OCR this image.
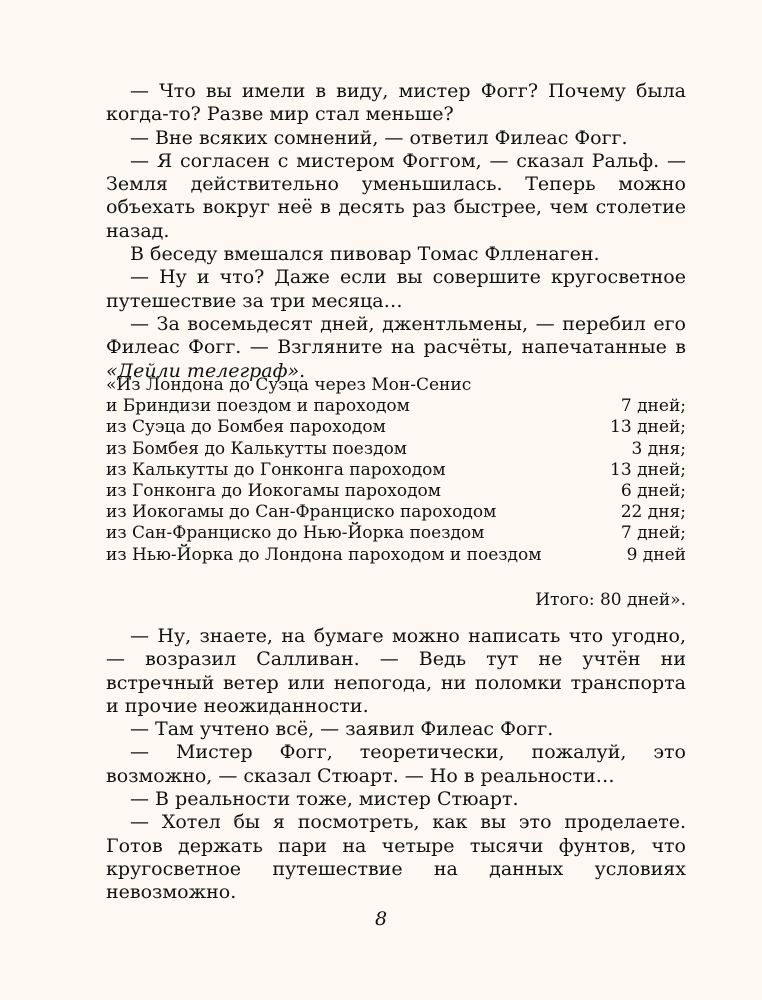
— Что вы имели в виду, мистер Фогг? Почему была когда-то? Разве мир стал меньше?

— Вне всяких сомнений, — ответил Филеас Фогг.

— Я согласен с мистером Фоггом, — сказал Ральф. — Земля действительно уменьшилась. Теперь можно объехать вокруг неё в десять раз быстрее, чем столетие назад.

В беседу вмешался пивовар Томас Флленаген.

— Ну и что? Даже если вы совершите кругосветное путешествие за три месяца…

— За восемьдесят дней, джентльмены, — перебил его Филеас Фогг. — Взгляните на расчёты, напечатанные в «Дейли телеграф».

«Из Лондона до Суэца через Мон-Сенис

и Бриндизи поездом и пароходом	7 дней;
из Суэца до Бомбея пароходом	13 дней;
из Бомбея до Калькутты поездом	3 дня;
из Калькутты до Гонконга пароходом	13 дней;
из Гонконга до Иокогамы пароходом	6 дней;
из Иокогамы до Сан-Франциско пароходом	22 дня;
из Сан-Франциско до Нью-Йорка поездом	7 дней;
из Нью-Йорка до Лондона пароходом и поездом	9 дней
Итого: 80 дней».

— Ну, знаете, на бумаге можно написать что угодно, — возразил Салливан. — Ведь тут не учтён ни встречный ветер или непогода, ни поломки транспорта и прочие неожиданности.

— Там учтено всё, — заявил Филеас Фогг.

— Мистер Фогг, теоретически, пожалуй, это возможно, — сказал Стюарт. — Но в реальности…

— В реальности тоже, мистер Стюарт.

— Хотел бы я посмотреть, как вы это проделаете. Готов держать пари на четыре тысячи фунтов, что кругосветное путешествие на данных условиях невозможно.

8
